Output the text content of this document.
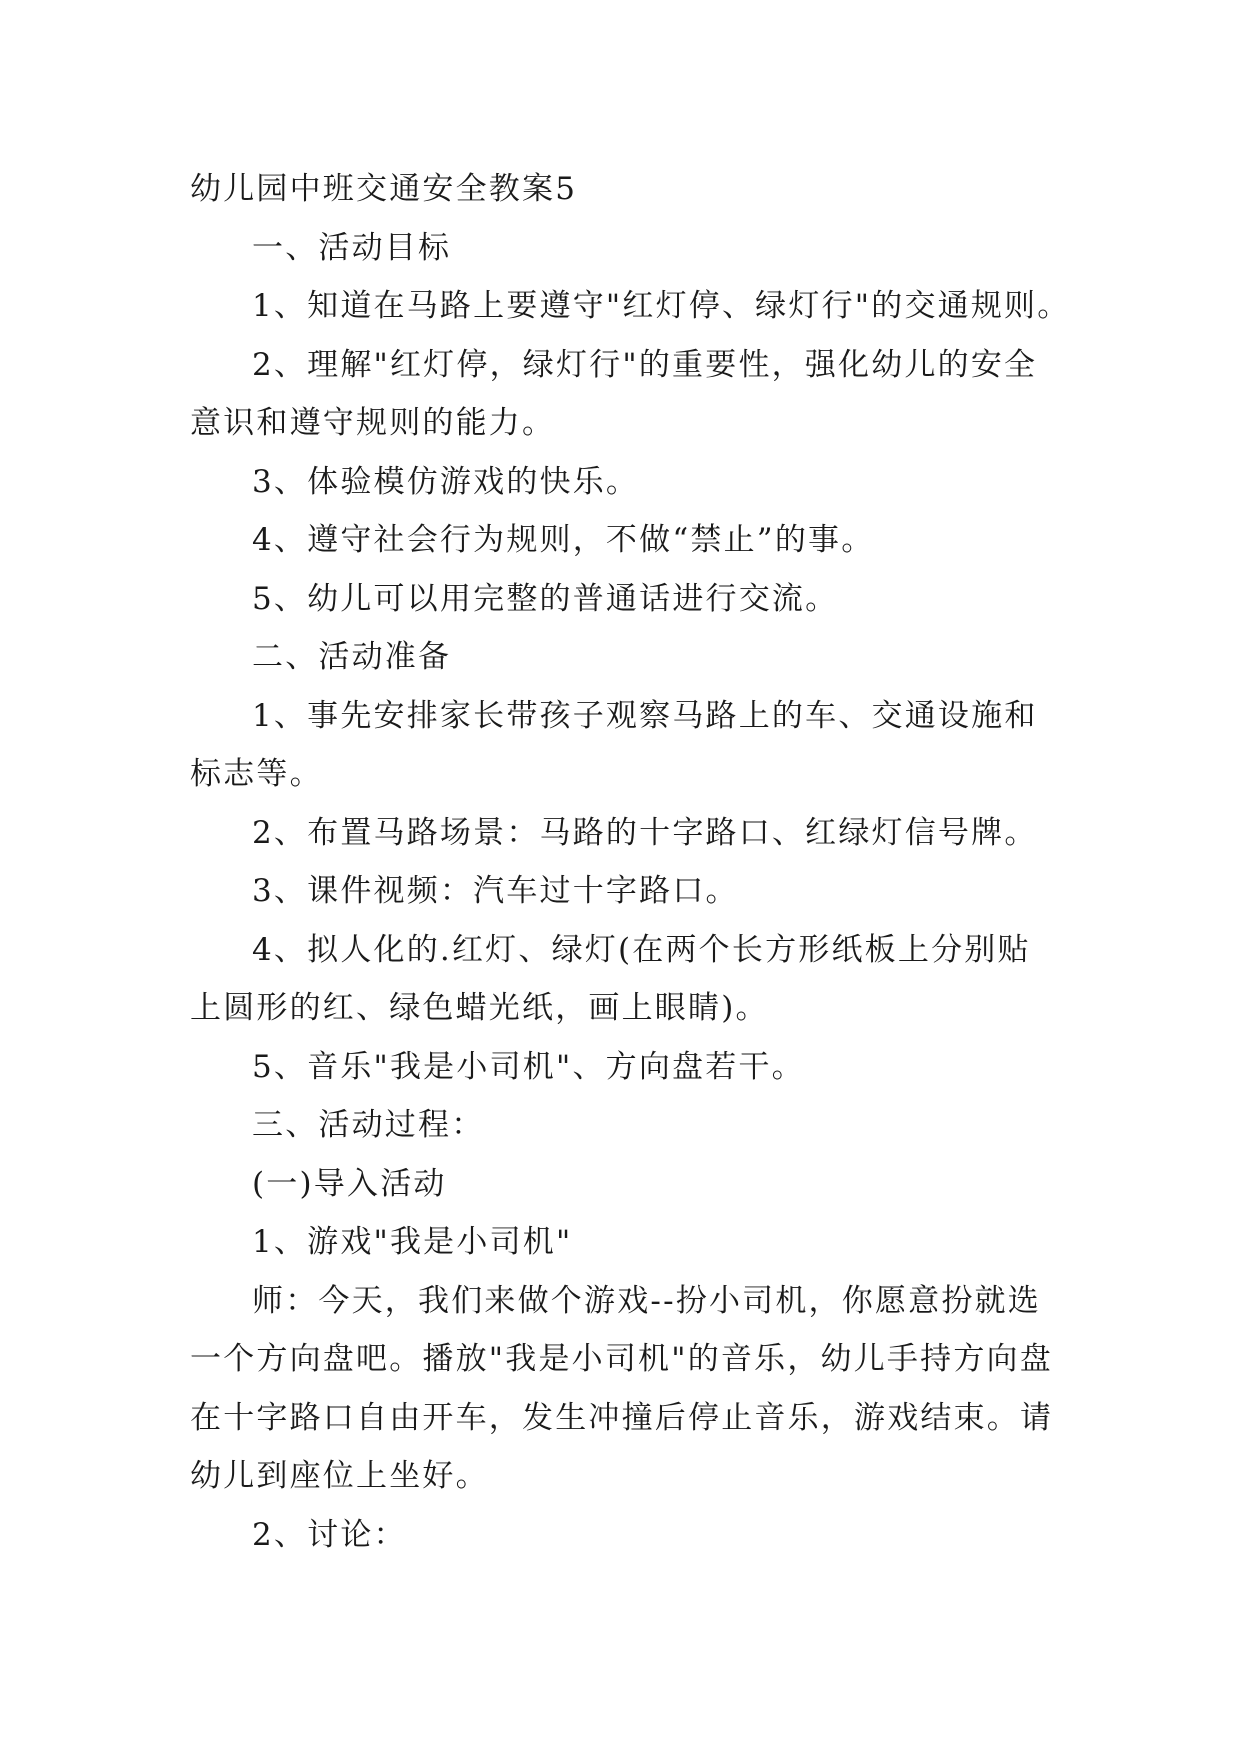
幼儿园中班交通安全教案5
一、活动目标
1、知道在马路上要遵守"红灯停、绿灯行"的交通规则。
2、理解"红灯停，绿灯行"的重要性，强化幼儿的安全
意识和遵守规则的能力。
3、体验模仿游戏的快乐。
4、遵守社会行为规则，不做“禁止”的事。
5、幼儿可以用完整的普通话进行交流。
二、活动准备
1、事先安排家长带孩子观察马路上的车、交通设施和
标志等。
2、布置马路场景：马路的十字路口、红绿灯信号牌。
3、课件视频：汽车过十字路口。
4、拟人化的.红灯、绿灯(在两个长方形纸板上分别贴
上圆形的红、绿色蜡光纸，画上眼睛)。
5、音乐"我是小司机"、方向盘若干。
三、活动过程：
(一)导入活动
1、游戏"我是小司机"
师：今天，我们来做个游戏--扮小司机，你愿意扮就选
一个方向盘吧。播放"我是小司机"的音乐，幼儿手持方向盘
在十字路口自由开车，发生冲撞后停止音乐，游戏结束。请
幼儿到座位上坐好。
2、讨论：
